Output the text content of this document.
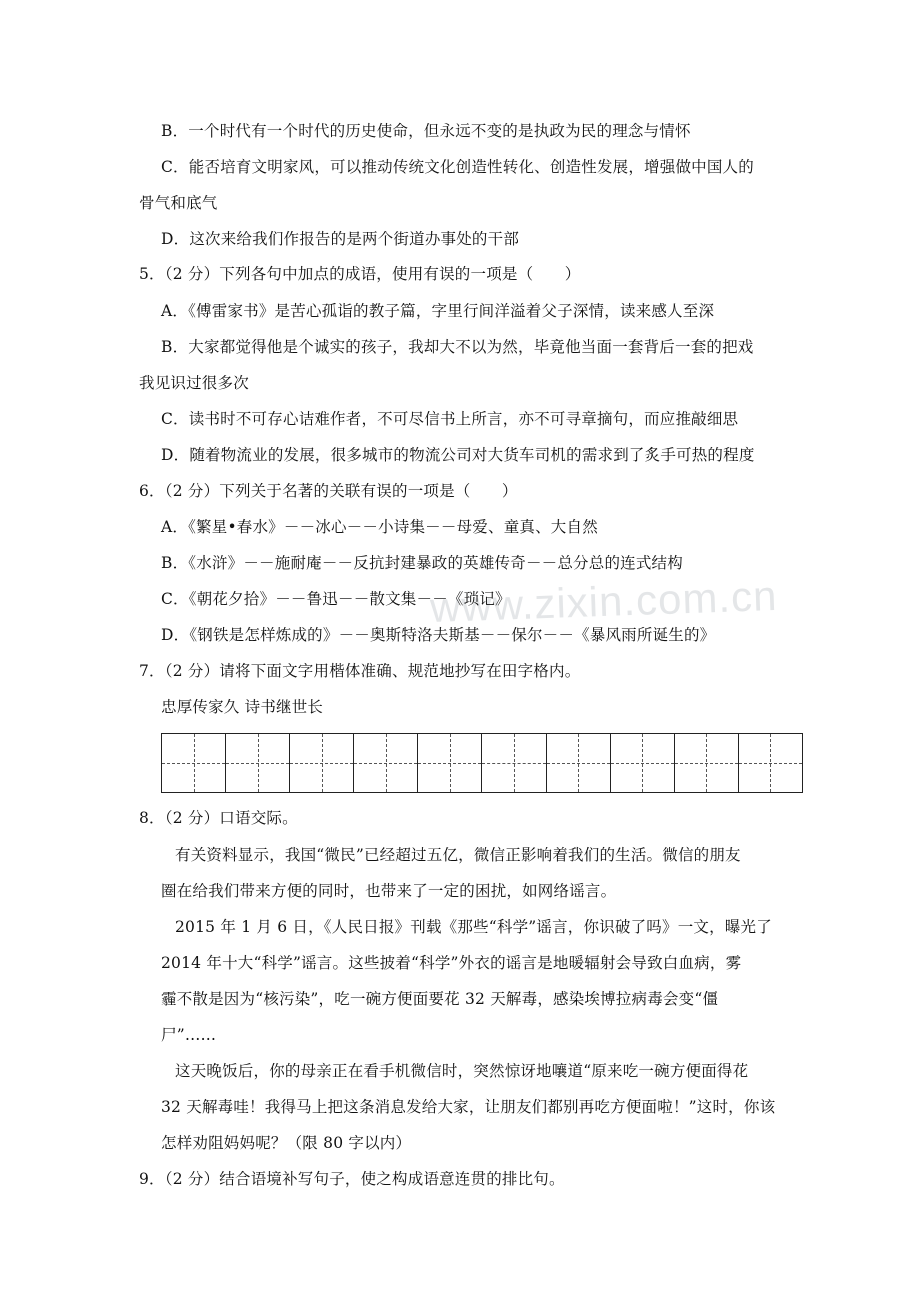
www.zixin.com.cn
B．一个时代有一个时代的历史使命，但永远不变的是执政为民的理念与情怀
C．能否培育文明家风，可以推动传统文化创造性转化、创造性发展，增强做中国人的
骨气和底气
D．这次来给我们作报告的是两个街道办事处的干部
5．（2 分）下列各句中加点的成语，使用有误的一项是（　　）
A．《傅雷家书》是苦心孤诣的教子篇，字里行间洋溢着父子深情，读来感人至深
B．大家都觉得他是个诚实的孩子，我却大不以为然，毕竟他当面一套背后一套的把戏
我见识过很多次
C．读书时不可存心诘难作者，不可尽信书上所言，亦不可寻章摘句，而应推敲细思
D．随着物流业的发展，很多城市的物流公司对大货车司机的需求到了炙手可热的程度
6．（2 分）下列关于名著的关联有误的一项是（　　）
A．《繁星•春水》－－冰心－－小诗集－－母爱、童真、大自然
B．《水浒》－－施耐庵－－反抗封建暴政的英雄传奇－－总分总的连式结构
C．《朝花夕拾》－－鲁迅－－散文集－－《琐记》
D．《钢铁是怎样炼成的》－－奥斯特洛夫斯基－－保尔－－《暴风雨所诞生的》
7．（2 分）请将下面文字用楷体准确、规范地抄写在田字格内。
忠厚传家久 诗书继世长
8．（2 分）口语交际。
有关资料显示，我国“微民”已经超过五亿，微信正影响着我们的生活。微信的朋友
圈在给我们带来方便的同时，也带来了一定的困扰，如网络谣言。
2015 年 1 月 6 日，《人民日报》刊载《那些“科学”谣言，你识破了吗》一文，曝光了
2014 年十大“科学”谣言。这些披着“科学”外衣的谣言是地暖辐射会导致白血病，雾
霾不散是因为“核污染”，吃一碗方便面要花 32 天解毒，感染埃博拉病毒会变“僵
尸”……
这天晚饭后，你的母亲正在看手机微信时，突然惊讶地嚷道“原来吃一碗方便面得花
32 天解毒哇！我得马上把这条消息发给大家，让朋友们都别再吃方便面啦！”这时，你该
怎样劝阻妈妈呢？（限 80 字以内）
9．（2 分）结合语境补写句子，使之构成语意连贯的排比句。
